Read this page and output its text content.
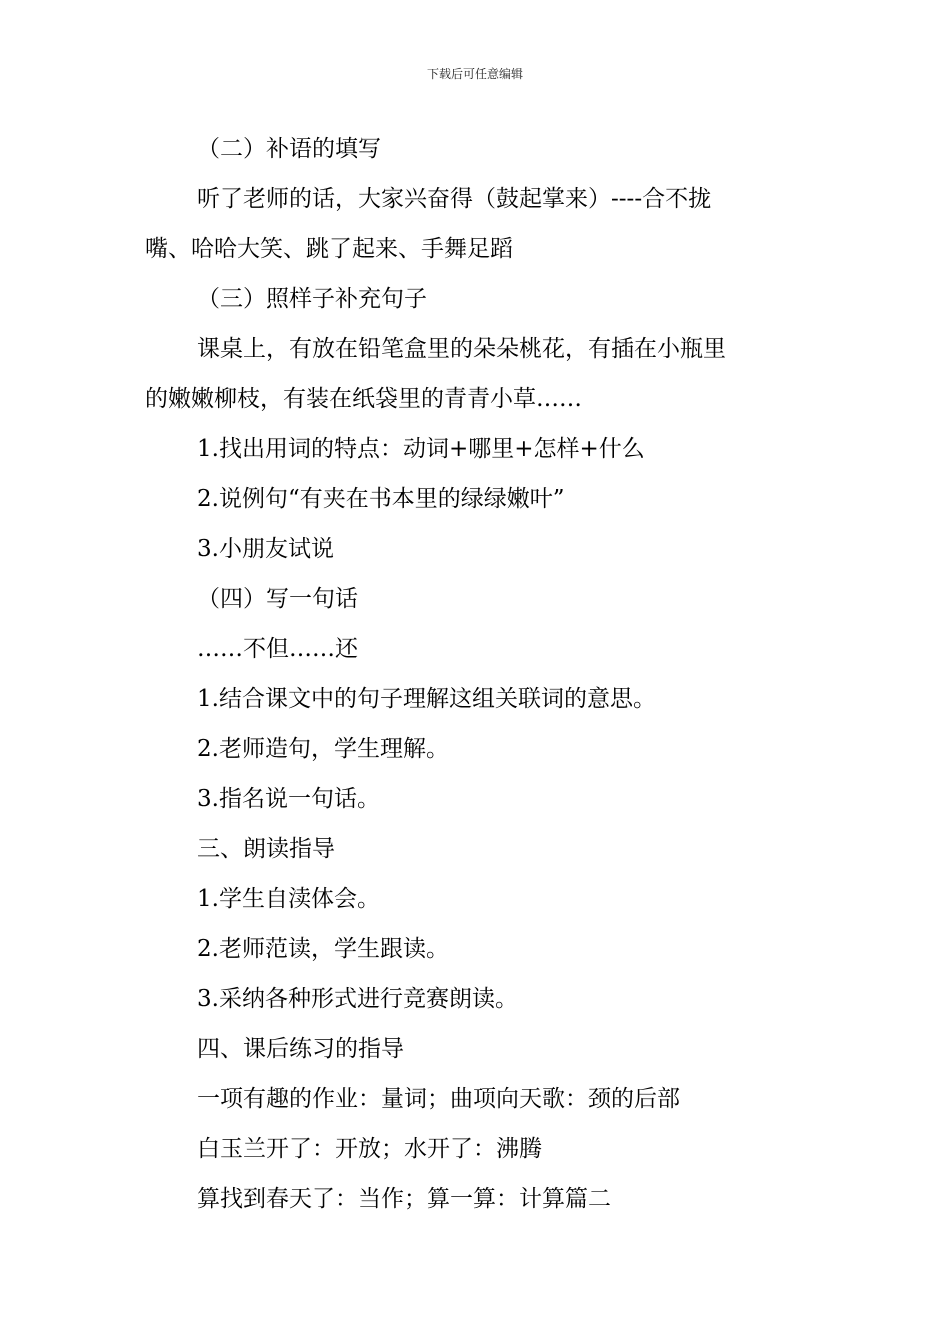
下载后可任意编辑
（二）补语的填写
听了老师的话，大家兴奋得（鼓起掌来）----合不拢
嘴、哈哈大笑、跳了起来、手舞足蹈
（三）照样子补充句子
课桌上，有放在铅笔盒里的朵朵桃花，有插在小瓶里
的嫩嫩柳枝，有装在纸袋里的青青小草……
1.找出用词的特点：动词+哪里+怎样+什么
2.说例句“有夹在书本里的绿绿嫩叶”
3.小朋友试说
（四）写一句话
……不但……还
1.结合课文中的句子理解这组关联词的意思。
2.老师造句，学生理解。
3.指名说一句话。
三、朗读指导
1.学生自渎体会。
2.老师范读，学生跟读。
3.采纳各种形式进行竞赛朗读。
四、课后练习的指导
一项有趣的作业：量词；曲项向天歌：颈的后部
白玉兰开了：开放；水开了：沸腾
算找到春天了：当作；算一算：计算篇二
